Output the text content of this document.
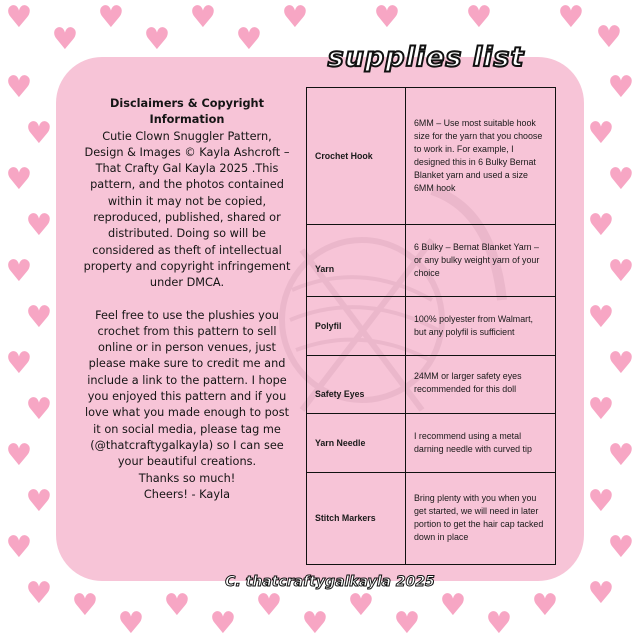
♥
♥
♥
♥
♥
♥
♥ ♥ ♥ ♥
♥
♥
♥
♥
♥
♥
♥
♥
♥
♥
♥
♥
♥
♥
♥
♥
♥
♥
♥
♥
♥
♥
♥
♥
♥
♥
♥
♥
♥
♥
♥
♥
♥
♥
♥
♥
supplies list
Disclaimers & Copyright Information

Cutie Clown Snuggler Pattern, Design & Images © Kayla Ashcroft – That Crafty Gal Kayla 2025 .This pattern, and the photos contained within it may not be copied, reproduced, published, shared or distributed. Doing so will be considered as theft of intellectual property and copyright infringement under DMCA.

Feel free to use the plushies you crochet from this pattern to sell online or in person venues, just please make sure to credit me and include a link to the pattern. I hope you enjoyed this pattern and if you love what you made enough to post it on social media, please tag me (@thatcraftygalkayla) so I can see your beautiful creations.

Thanks so much!
Cheers! - Kayla
Crochet Hook	6MM – Use most suitable hook size for the yarn that you choose to work in. For example, I designed this in 6 Bulky Bernat Blanket yarn and used a size 6MM hook
Yarn	6 Bulky – Bernat Blanket Yarn – or any bulky weight yarn of your choice
Polyfil	100% polyester from Walmart, but any polyfil is sufficient
Safety Eyes	24MM or larger safety eyes recommended for this doll
Yarn Needle	I recommend using a metal darning needle with curved tip
Stitch Markers	Bring plenty with you when you get started, we will need in later portion to get the hair cap tacked down in place
C. thatcraftygalkayla 2025
